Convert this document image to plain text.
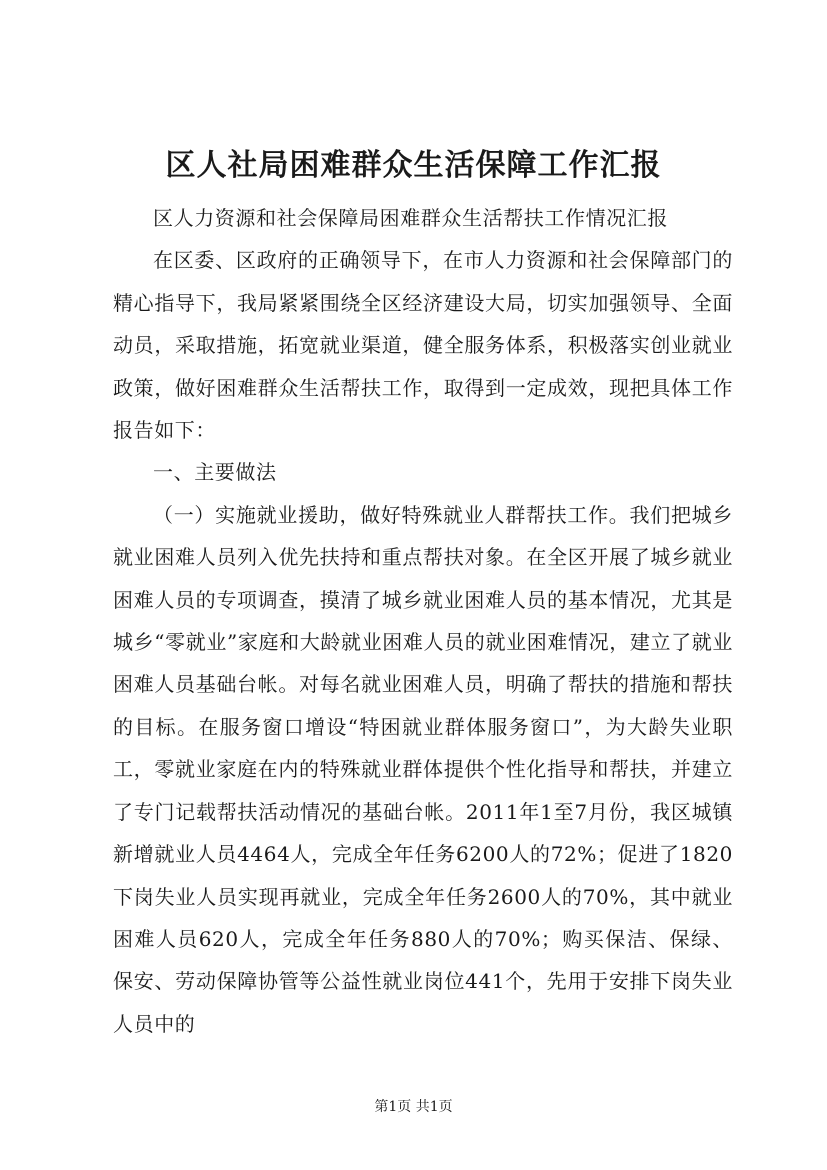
区人社局困难群众生活保障工作汇报

区人力资源和社会保障局困难群众生活帮扶工作情况汇报

在区委、区政府的正确领导下，在市人力资源和社会保障部门的精心指导下，我局紧紧围绕全区经济建设大局，切实加强领导、全面动员，采取措施，拓宽就业渠道，健全服务体系，积极落实创业就业政策，做好困难群众生活帮扶工作，取得到一定成效，现把具体工作报告如下：

一、主要做法

（一）实施就业援助，做好特殊就业人群帮扶工作。我们把城乡就业困难人员列入优先扶持和重点帮扶对象。在全区开展了城乡就业困难人员的专项调查，摸清了城乡就业困难人员的基本情况，尤其是城乡“零就业”家庭和大龄就业困难人员的就业困难情况，建立了就业困难人员基础台帐。对每名就业困难人员，明确了帮扶的措施和帮扶的目标。在服务窗口增设“特困就业群体服务窗口”，为大龄失业职工，零就业家庭在内的特殊就业群体提供个性化指导和帮扶，并建立了专门记载帮扶活动情况的基础台帐。2011年1至7月份，我区城镇新增就业人员4464人，完成全年任务6200人的72%；促进了1820下岗失业人员实现再就业，完成全年任务2600人的70%，其中就业困难人员620人，完成全年任务880人的70%；购买保洁、保绿、保安、劳动保障协管等公益性就业岗位441个，先用于安排下岗失业人员中的

第1页 共1页
